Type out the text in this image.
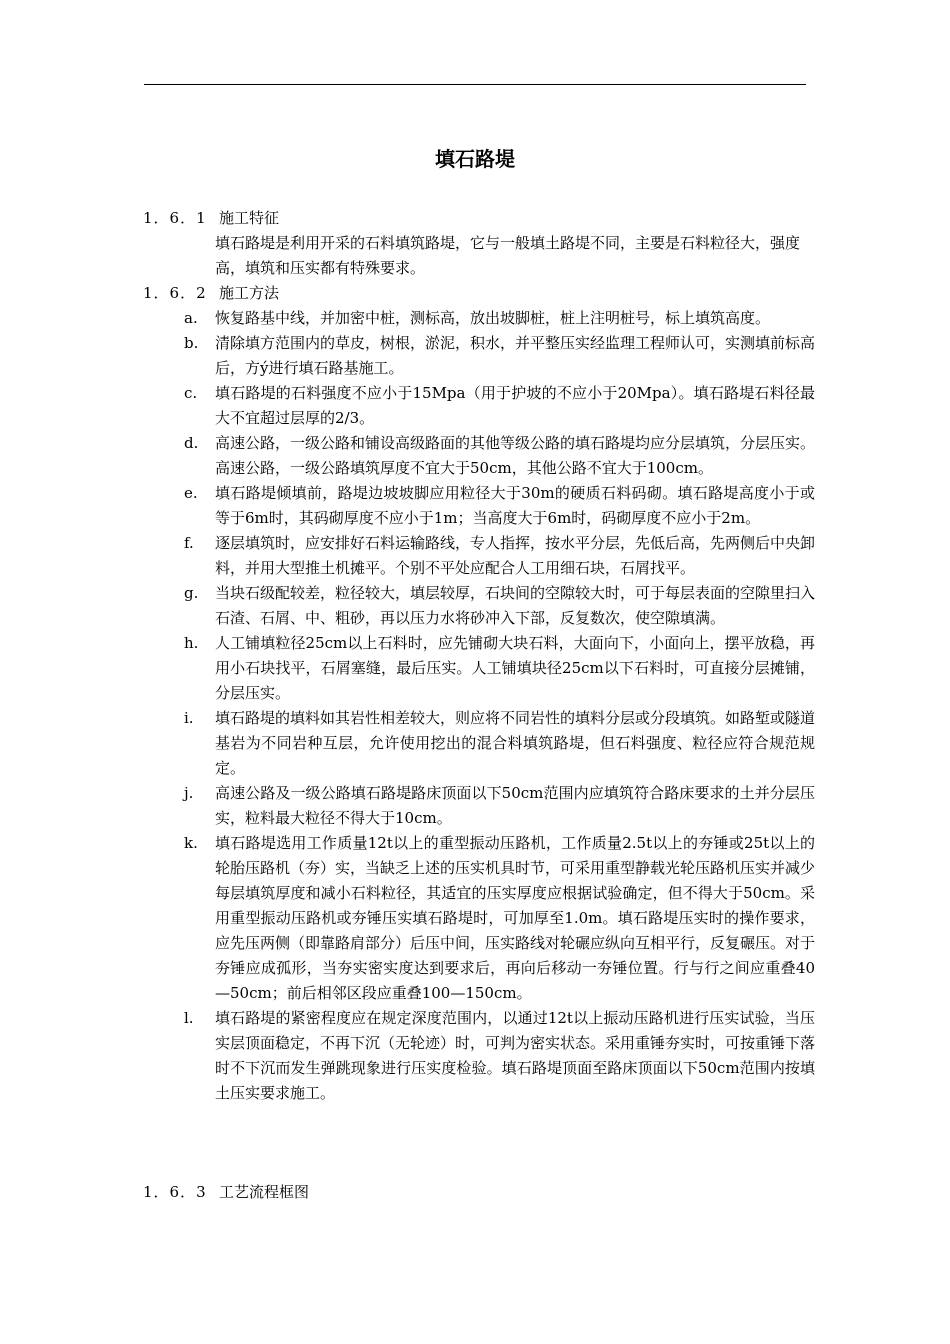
填石路堤
1．6．1 施工特征
填石路堤是利用开采的石料填筑路堤，它与一般填土路堤不同，主要是石料粒径大，强度高，填筑和压实都有特殊要求。
1．6．2 施工方法
a.	恢复路基中线，并加密中桩，测标高，放出坡脚桩，桩上注明桩号，标上填筑高度。
b.	清除填方范围内的草皮，树根，淤泥，积水，并平整压实经监理工程师认可，实测填前标高后，方ý进行填石路基施工。
c.	填石路堤的石料强度不应小于15Mpa（用于护坡的不应小于20Mpa）。填石路堤石料径最大不宜超过层厚的2/3。
d.	高速公路，一级公路和铺设高级路面的其他等级公路的填石路堤均应分层填筑，分层压实。高速公路，一级公路填筑厚度不宜大于50cm，其他公路不宜大于100cm。
e.	填石路堤倾填前，路堤边坡坡脚应用粒径大于30m的硬质石料码砌。填石路堤高度小于或等于6m时，其码砌厚度不应小于1m；当高度大于6m时，码砌厚度不应小于2m。
f.	逐层填筑时，应安排好石料运输路线，专人指挥，按水平分层，先低后高，先两侧后中央卸料，并用大型推土机摊平。个别不平处应配合人工用细石块，石屑找平。
g.	当块石级配较差，粒径较大，填层较厚，石块间的空隙较大时，可于每层表面的空隙里扫入石渣、石屑、中、粗砂，再以压力水将砂冲入下部，反复数次，使空隙填满。
h.	人工铺填粒径25cm以上石料时，应先铺砌大块石料，大面向下，小面向上，摆平放稳，再用小石块找平，石屑塞缝，最后压实。人工铺填块径25cm以下石料时，可直接分层摊铺，分层压实。
i.	填石路堤的填料如其岩性相差较大，则应将不同岩性的填料分层或分段填筑。如路堑或隧道基岩为不同岩种互层，允许使用挖出的混合料填筑路堤，但石料强度、粒径应符合规范规定。
j.	高速公路及一级公路填石路堤路床顶面以下50cm范围内应填筑符合路床要求的土并分层压实，粒料最大粒径不得大于10cm。
k.	填石路堤选用工作质量12t以上的重型振动压路机，工作质量2.5t以上的夯锤或25t以上的轮胎压路机（夯）实，当缺乏上述的压实机具时节，可采用重型静载光轮压路机压实并减少每层填筑厚度和减小石料粒径，其适宜的压实厚度应根据试验确定，但不得大于50cm。采用重型振动压路机或夯锤压实填石路堤时，可加厚至1.0m。填石路堤压实时的操作要求，应先压两侧（即靠路肩部分）后压中间，压实路线对轮碾应纵向互相平行，反复碾压。对于夯锤应成孤形，当夯实密实度达到要求后，再向后移动一夯锤位置。行与行之间应重叠40—50cm；前后相邻区段应重叠100—150cm。
l.	填石路堤的紧密程度应在规定深度范围内，以通过12t以上振动压路机进行压实试验，当压实层顶面稳定，不再下沉（无轮迹）时，可判为密实状态。采用重锤夯实时，可按重锤下落时不下沉而发生弹跳现象进行压实度检验。填石路堤顶面至路床顶面以下50cm范围内按填土压实要求施工。
1．6．3 工艺流程框图
